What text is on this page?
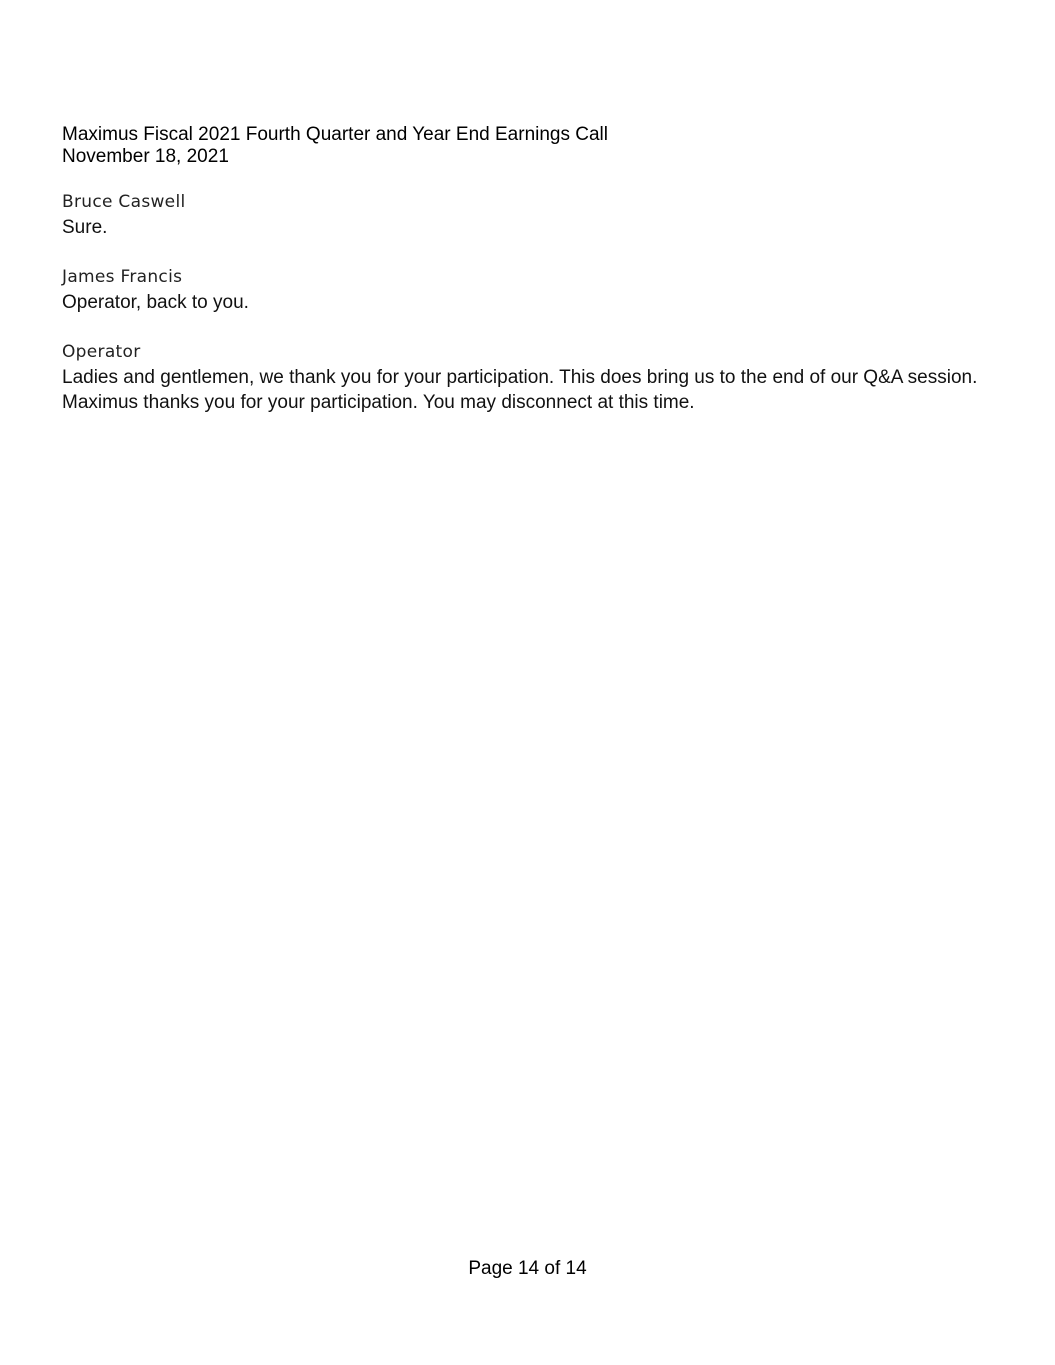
Maximus Fiscal 2021 Fourth Quarter and Year End Earnings Call
November 18, 2021
Bruce Caswell
Sure.
James Francis
Operator, back to you.
Operator
Ladies and gentlemen, we thank you for your participation. This does bring us to the end of our Q&A session.
Maximus thanks you for your participation. You may disconnect at this time.
Page 14 of 14
